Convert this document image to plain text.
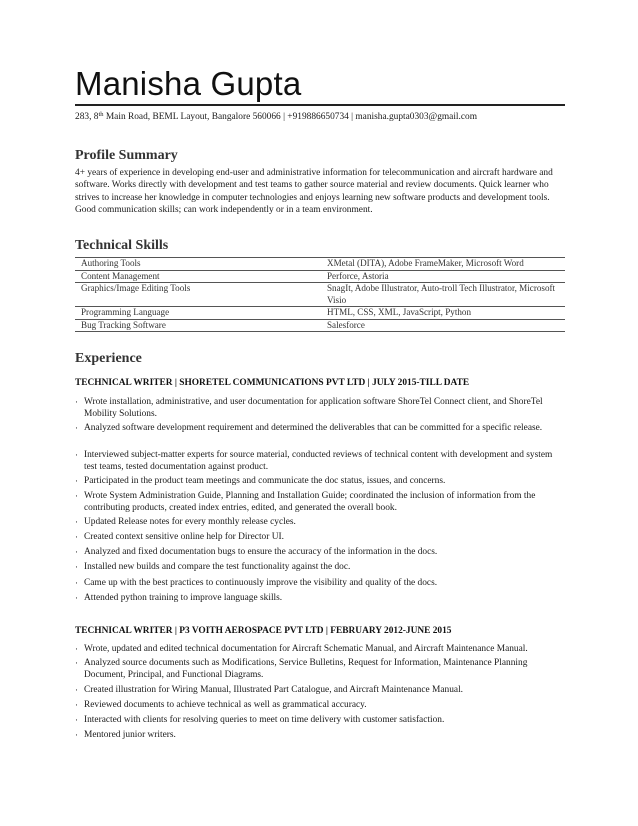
Manisha Gupta
283, 8th Main Road, BEML Layout, Bangalore 560066 | +919886650734 | manisha.gupta0303@gmail.com
Profile Summary
4+ years of experience in developing end-user and administrative information for telecommunication and aircraft hardware and software. Works directly with development and test teams to gather source material and review documents. Quick learner who strives to increase her knowledge in computer technologies and enjoys learning new software products and development tools. Good communication skills; can work independently or in a team environment.
Technical Skills
Authoring Tools	XMetal (DITA), Adobe FrameMaker, Microsoft Word
Content Management	Perforce, Astoria
Graphics/Image Editing Tools	SnagIt, Adobe Illustrator, Auto-troll Tech Illustrator, Microsoft Visio
Programming Language	HTML, CSS, XML, JavaScript, Python
Bug Tracking Software	Salesforce
Experience
TECHNICAL WRITER | SHORETEL COMMUNICATIONS PVT LTD | JULY 2015-TILL DATE
· Wrote installation, administrative, and user documentation for application software ShoreTel Connect client, and ShoreTel Mobility Solutions.
· Analyzed software development requirement and determined the deliverables that can be committed for a specific release.
· Interviewed subject-matter experts for source material, conducted reviews of technical content with development and system test teams, tested documentation against product.
· Participated in the product team meetings and communicate the doc status, issues, and concerns.
· Wrote System Administration Guide, Planning and Installation Guide; coordinated the inclusion of information from the contributing products, created index entries, edited, and generated the overall book.
· Updated Release notes for every monthly release cycles.
· Created context sensitive online help for Director UI.
· Analyzed and fixed documentation bugs to ensure the accuracy of the information in the docs.
· Installed new builds and compare the test functionality against the doc.
· Came up with the best practices to continuously improve the visibility and quality of the docs.
· Attended python training to improve language skills.
TECHNICAL WRITER | P3 VOITH AEROSPACE PVT LTD | FEBRUARY 2012-JUNE 2015
· Wrote, updated and edited technical documentation for Aircraft Schematic Manual, and Aircraft Maintenance Manual.
· Analyzed source documents such as Modifications, Service Bulletins, Request for Information, Maintenance Planning Document, Principal, and Functional Diagrams.
· Created illustration for Wiring Manual, Illustrated Part Catalogue, and Aircraft Maintenance Manual.
· Reviewed documents to achieve technical as well as grammatical accuracy.
· Interacted with clients for resolving queries to meet on time delivery with customer satisfaction.
· Mentored junior writers.
